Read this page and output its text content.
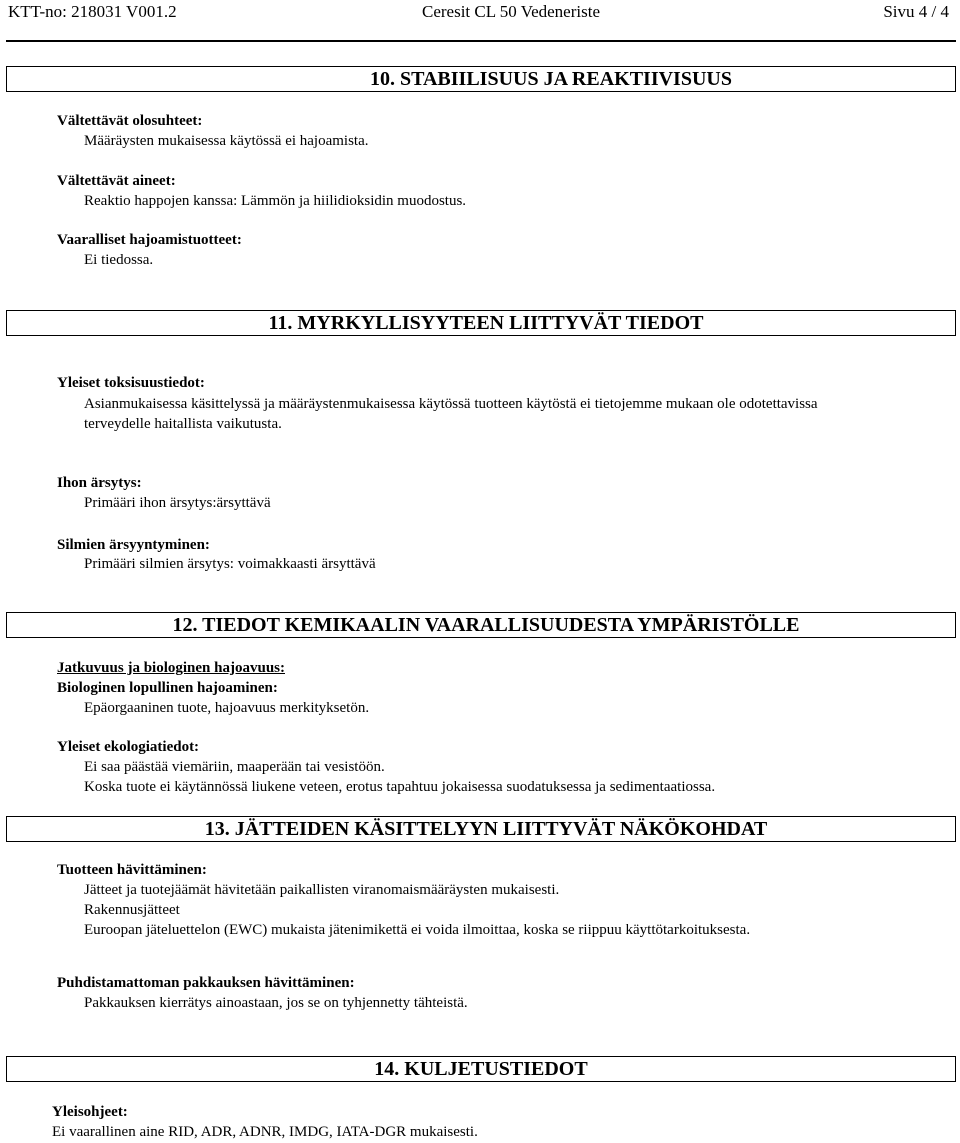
KTT-no: 218031 V001.2	Ceresit CL 50 Vedeneriste	Sivu 4 / 4
10. STABIILISUUS JA REAKTIIVISUUS
Vältettävät olosuhteet:
Määräysten mukaisessa käytössä ei hajoamista.
Vältettävät aineet:
Reaktio happojen kanssa: Lämmön ja hiilidioksidin muodostus.
Vaaralliset hajoamistuotteet:
Ei tiedossa.
11. MYRKYLLISYYTEEN LIITTYVÄT TIEDOT
Yleiset toksisuustiedot:
Asianmukaisessa käsittelyssä ja määräystenmukaisessa käytössä tuotteen käytöstä ei tietojemme mukaan ole odotettavissa
terveydelle haitallista vaikutusta.
Ihon ärsytys:
Primääri ihon ärsytys:ärsyttävä
Silmien ärsyyntyminen:
Primääri silmien ärsytys: voimakkaasti ärsyttävä
12. TIEDOT KEMIKAALIN VAARALLISUUDESTA YMPÄRISTÖLLE
Jatkuvuus ja biologinen hajoavuus:
Biologinen lopullinen hajoaminen:
Epäorgaaninen tuote, hajoavuus merkityksetön.
Yleiset ekologiatiedot:
Ei saa päästää viemäriin, maaperään tai vesistöön.
Koska tuote ei käytännössä liukene veteen, erotus tapahtuu jokaisessa suodatuksessa ja sedimentaatiossa.
13. JÄTTEIDEN KÄSITTELYYN LIITTYVÄT NÄKÖKOHDAT
Tuotteen hävittäminen:
Jätteet ja tuotejäämät hävitetään paikallisten viranomaismääräysten mukaisesti.
Rakennusjätteet
Euroopan jäteluettelon (EWC) mukaista jätenimikettä ei voida ilmoittaa, koska se riippuu käyttötarkoituksesta.
Puhdistamattoman pakkauksen hävittäminen:
Pakkauksen kierrätys ainoastaan, jos se on tyhjennetty tähteistä.
14. KULJETUSTIEDOT
Yleisohjeet:
Ei vaarallinen aine RID, ADR, ADNR, IMDG, IATA-DGR mukaisesti.
